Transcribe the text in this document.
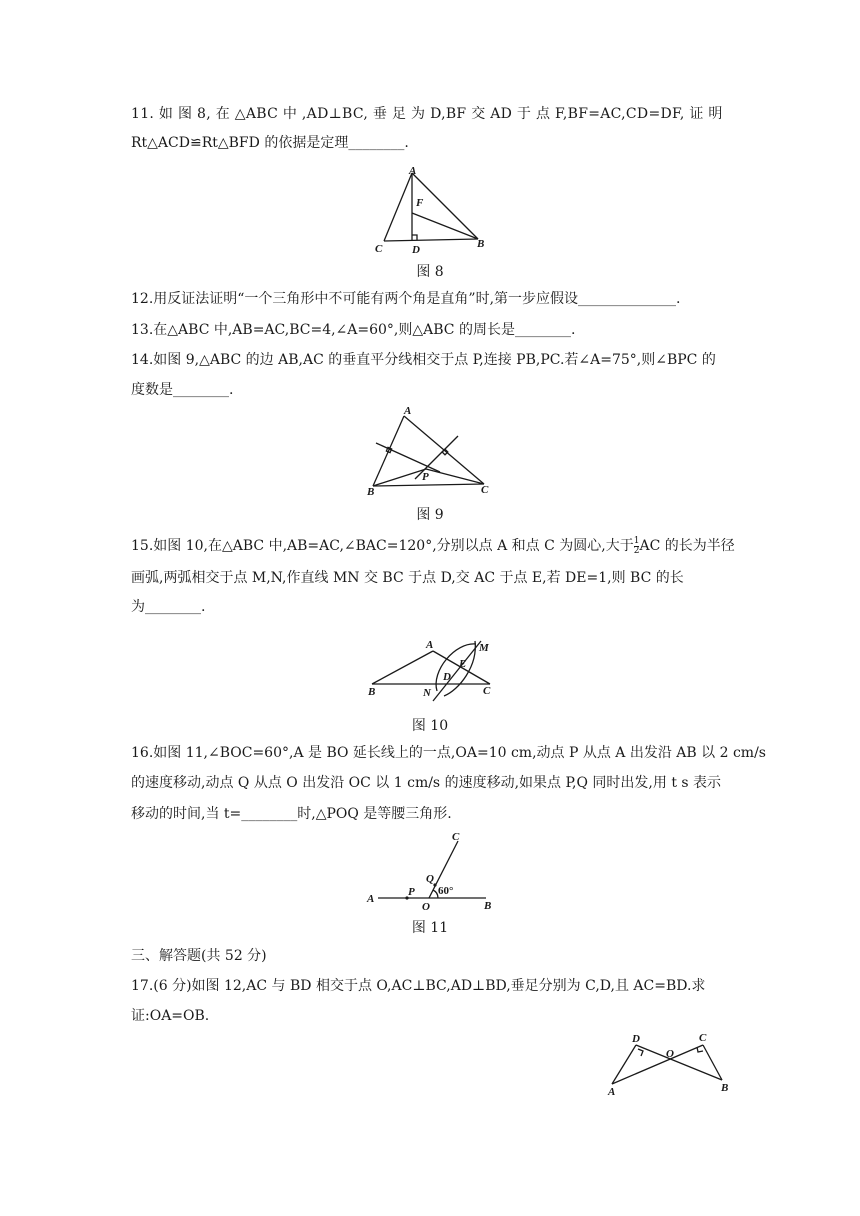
11. 如 图 8, 在 △ABC 中 ,AD⊥BC, 垂 足 为 D,BF 交 AD 于 点 F,BF=AC,CD=DF, 证 明
Rt△ACD≌Rt△BFD 的依据是定理________.
A
F
C	D	B
图 8
12.用反证法证明“一个三角形中不可能有两个角是直角”时,第一步应假设______________.
13.在△ABC 中,AB=AC,BC=4,∠A=60°,则△ABC 的周长是________.
14.如图 9,△ABC 的边 AB,AC 的垂直平分线相交于点 P,连接 PB,PC.若∠A=75°,则∠BPC 的
度数是________.
A
P
B	C
图 9
15.如图 10,在△ABC 中,AB=AC,∠BAC=120°,分别以点 A 和点 C 为圆心,大于 $\frac{1}{2}$ AC 的长为半径
画弧,两弧相交于点 M,N,作直线 MN 交 BC 于点 D,交 AC 于点 E,若 DE=1,则 BC 的长
为________.
A	M
E
D
B	N	C
图 10
16.如图 11,∠BOC=60°,A 是 BO 延长线上的一点,OA=10 cm,动点 P 从点 A 出发沿 AB 以 2 cm/s
的速度移动,动点 Q 从点 O 出发沿 OC 以 1 cm/s 的速度移动,如果点 P,Q 同时出发,用 t s 表示
移动的时间,当 t=________时,△POQ 是等腰三角形.
C
Q
A
P
O	B
60°
图 11
三、解答题(共 52 分)
17.(6 分)如图 12,AC 与 BD 相交于点 O,AC⊥BC,AD⊥BD,垂足分别为 C,D,且 AC=BD.求
证:OA=OB.
D
O
C
A	B
